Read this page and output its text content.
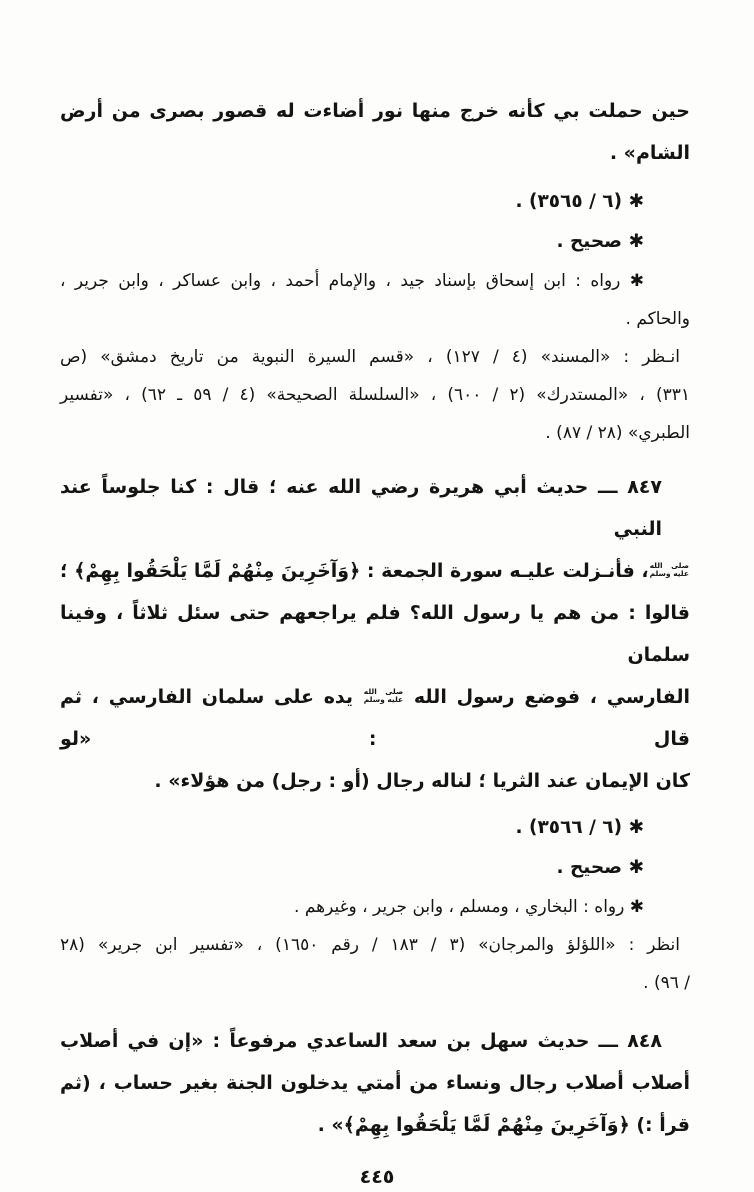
حين حملت بي كأنه خرج منها نور أضاءت له قصور بصرى من أرض
الشام» .
✱ (٦ / ٣٥٦٥) .
✱ صحيح .
✱ رواه : ابن إسحاق بإسناد جيد ، والإمام أحمد ، وابن عساكر ، وابن جرير ،
والحاكم .
انـظر : «المسند» (٤ / ١٢٧) ، «قسم السيرة النبوية من تاريخ دمشق» (ص
٣٣١) ، «المستدرك» (٢ / ٦٠٠) ، «السلسلة الصحيحة» (٤ / ٥٩ ـ ٦٢) ، «تفسير
الطبري» (٢٨ / ٨٧) .
٨٤٧ ـــ حديث أبي هريرة رضي الله عنه ؛ قال : كنا جلوساً عند النبي
صلى الله
عليه وسلم
، فأنـزلت عليـه سورة الجمعة : ﴿وَآخَرِينَ مِنْهُمْ لَمَّا يَلْحَقُوا بِهِمْ﴾ ؛
قالوا : من هم يا رسول الله؟ فلم يراجعهم حتى سئل ثلاثاً ، وفينا سلمان
الفارسي ، فوضع رسول الله
صلى الله
عليه وسلم
يده على سلمان الفارسي ، ثم قال : «لو
كان الإيمان عند الثريا ؛ لناله رجال (أو : رجل) من هؤلاء» .
✱ (٦ / ٣٥٦٦) .
✱ صحيح .
✱ رواه : البخاري ، ومسلم ، وابن جرير ، وغيرهم .
انظر : «اللؤلؤ والمرجان» (٣ / ١٨٣ / رقم ١٦٥٠) ، «تفسير ابن جرير» (٢٨
/ ٩٦) .
٨٤٨ ـــ حديث سهل بن سعد الساعدي مرفوعاً : «إن في أصلاب
أصلاب أصلاب رجال ونساء من أمتي يدخلون الجنة بغير حساب ، (ثم
قرأ :) ﴿وَآخَرِينَ مِنْهُمْ لَمَّا يَلْحَقُوا بِهِمْ﴾» .
٤٤٥
